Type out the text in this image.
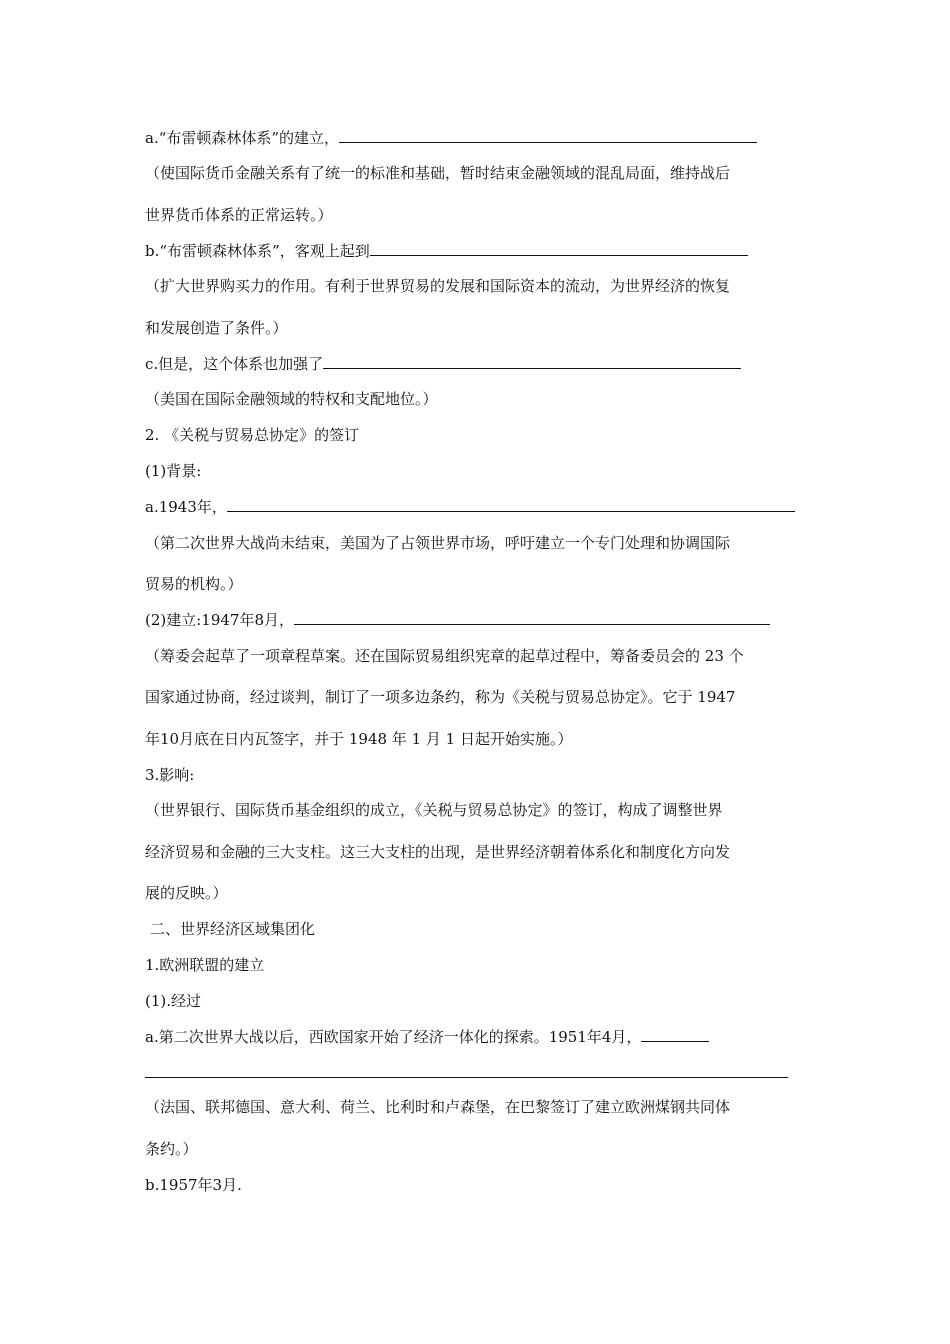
a.“布雷顿森林体系”的建立，
（使国际货币金融关系有了统一的标准和基础，暂时结束金融领域的混乱局面，维持战后
世界货币体系的正常运转。）
b.“布雷顿森林体系”，客观上起到
（扩大世界购买力的作用。有利于世界贸易的发展和国际资本的流动，为世界经济的恢复
和发展创造了条件。）
c.但是，这个体系也加强了
（美国在国际金融领域的特权和支配地位。）
2. 《关税与贸易总协定》的签订
(1)背景:
a.1943年，
（第二次世界大战尚未结束，美国为了占领世界市场，呼吁建立一个专门处理和协调国际
贸易的机构。）
(2)建立:1947年8月，
（筹委会起草了一项章程草案。还在国际贸易组织宪章的起草过程中，筹备委员会的 23 个
国家通过协商，经过谈判，制订了一项多边条约，称为《关税与贸易总协定》。它于 1947
年10月底在日内瓦签字，并于 1948 年 1 月 1 日起开始实施。）
3.影响:
（世界银行、国际货币基金组织的成立，《关税与贸易总协定》的签订，构成了调整世界
经济贸易和金融的三大支柱。这三大支柱的出现，是世界经济朝着体系化和制度化方向发
展的反映。）
二、世界经济区域集团化
1.欧洲联盟的建立
(1).经过
a.第二次世界大战以后，西欧国家开始了经济一体化的探索。1951年4月，
（法国、联邦德国、意大利、荷兰、比利时和卢森堡，在巴黎签订了建立欧洲煤钢共同体
条约。）
b.1957年3月.
